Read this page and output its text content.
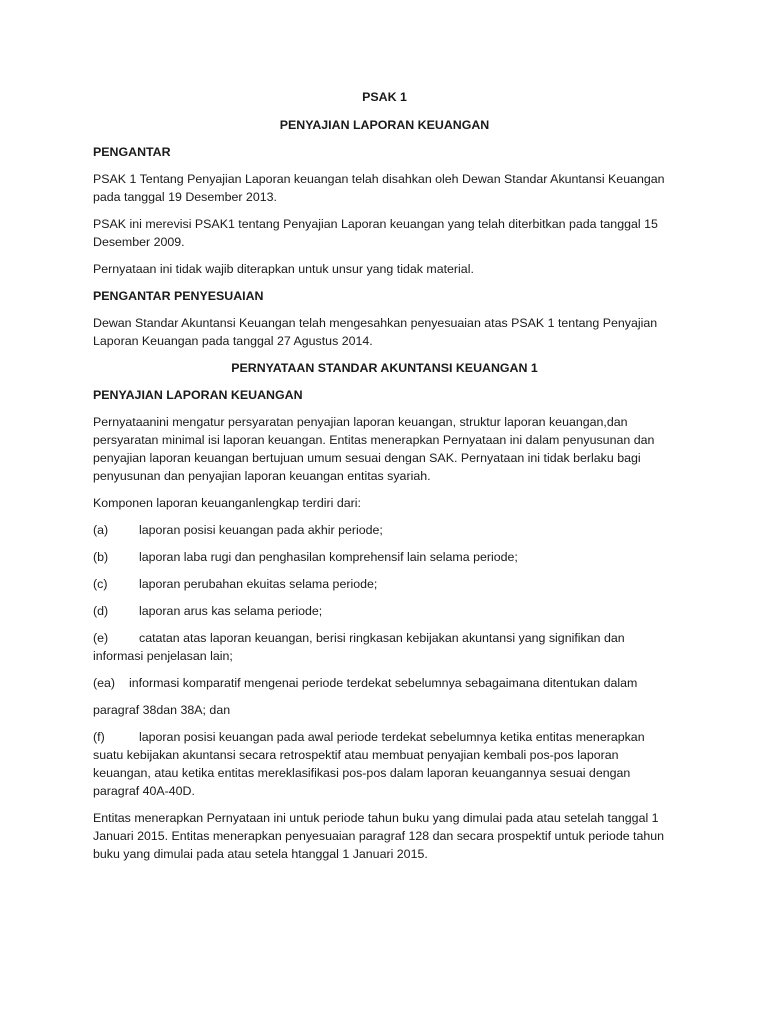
PSAK 1

PENYAJIAN LAPORAN KEUANGAN

PENGANTAR

PSAK 1 Tentang Penyajian Laporan keuangan telah disahkan oleh Dewan Standar Akuntansi Keuangan pada tanggal 19 Desember 2013.

PSAK ini merevisi PSAK1 tentang Penyajian Laporan keuangan yang telah diterbitkan pada tanggal 15 Desember 2009.

Pernyataan ini tidak wajib diterapkan untuk unsur yang tidak material.

PENGANTAR PENYESUAIAN

Dewan Standar Akuntansi Keuangan telah mengesahkan penyesuaian atas PSAK 1 tentang Penyajian Laporan Keuangan pada tanggal 27 Agustus 2014.

PERNYATAAN STANDAR AKUNTANSI KEUANGAN 1

PENYAJIAN LAPORAN KEUANGAN

Pernyataanini mengatur persyaratan penyajian laporan keuangan, struktur laporan keuangan,dan persyaratan minimal isi laporan keuangan. Entitas menerapkan Pernyataan ini dalam penyusunan dan penyajian laporan keuangan bertujuan umum sesuai dengan SAK. Pernyataan ini tidak berlaku bagi penyusunan dan penyajian laporan keuangan entitas syariah.

Komponen laporan keuanganlengkap terdiri dari:

(a)	laporan posisi keuangan pada akhir periode;
(b)	laporan laba rugi dan penghasilan komprehensif lain selama periode;
(c)	laporan perubahan ekuitas selama periode;
(d)	laporan arus kas selama periode;
(e) catatan atas laporan keuangan, berisi ringkasan kebijakan akuntansi yang signifikan dan informasi penjelasan lain;
(ea)	informasi komparatif mengenai periode terdekat sebelumnya sebagaimana ditentukan dalam
paragraf 38dan 38A; dan
(f)	laporan posisi keuangan pada awal periode terdekat sebelumnya ketika entitas menerapkan suatu kebijakan akuntansi secara retrospektif atau membuat penyajian kembali pos-pos laporan keuangan, atau ketika entitas mereklasifikasi pos-pos dalam laporan keuangannya sesuai dengan paragraf 40A-40D.

Entitas menerapkan Pernyataan ini untuk periode tahun buku yang dimulai pada atau setelah tanggal 1 Januari 2015. Entitas menerapkan penyesuaian paragraf 128 dan secara prospektif untuk periode tahun buku yang dimulai pada atau setela htanggal 1 Januari 2015.
